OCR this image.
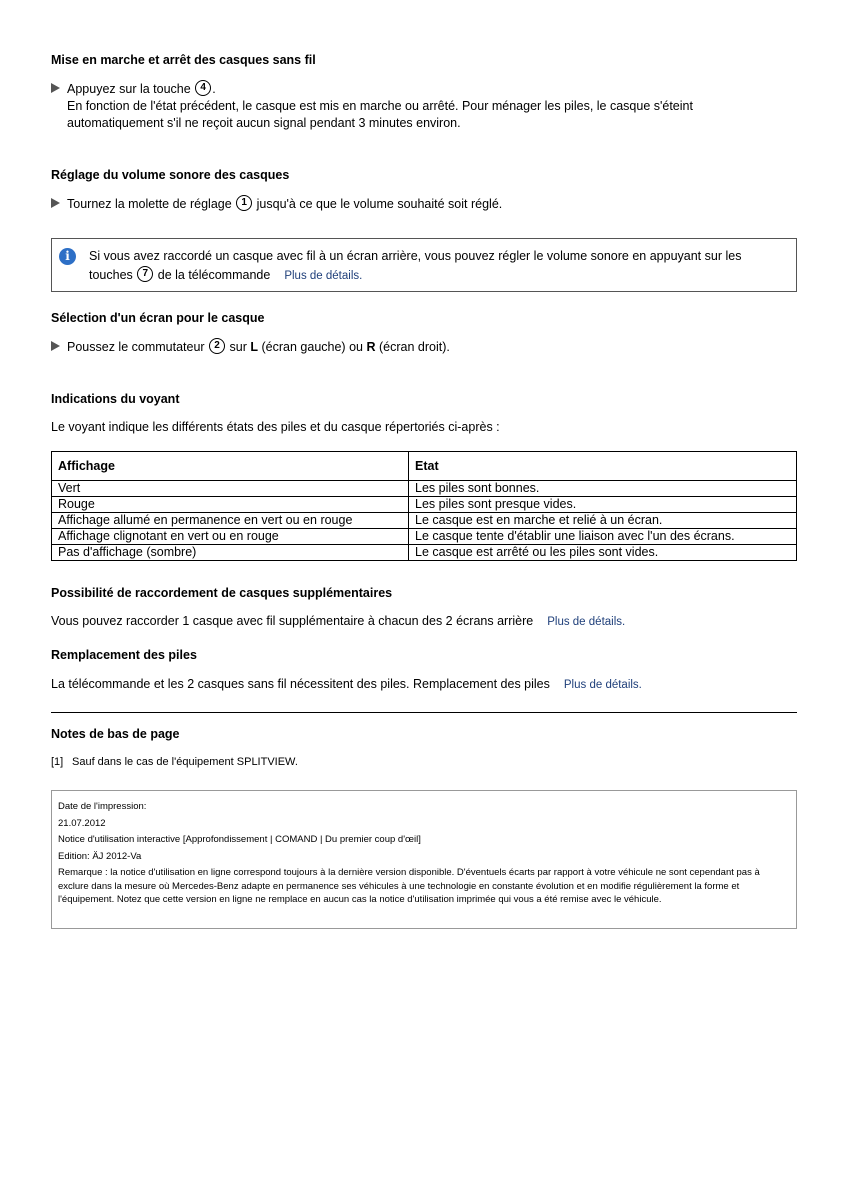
Mise en marche et arrêt des casques sans fil
Appuyez sur la touche 4 .
En fonction de l'état précédent, le casque est mis en marche ou arrêté. Pour ménager les piles, le casque s'éteint
automatiquement s'il ne reçoit aucun signal pendant 3 minutes environ.
Réglage du volume sonore des casques
Tournez la molette de réglage 1 jusqu'à ce que le volume souhaité soit réglé.
i	Si vous avez raccordé un casque avec fil à un écran arrière, vous pouvez régler le volume sonore en appuyant sur les
touches 7 de la télécommande Plus de détails.
Sélection d'un écran pour le casque
Poussez le commutateur 2 sur L (écran gauche) ou R (écran droit).
Indications du voyant
Le voyant indique les différents états des piles et du casque répertoriés ci-après :
Affichage	Etat
Vert	Les piles sont bonnes.
Rouge	Les piles sont presque vides.
Affichage allumé en permanence en vert ou en rouge	Le casque est en marche et relié à un écran.
Affichage clignotant en vert ou en rouge	Le casque tente d'établir une liaison avec l'un des écrans.
Pas d'affichage (sombre)	Le casque est arrêté ou les piles sont vides.
Possibilité de raccordement de casques supplémentaires
Vous pouvez raccorder 1 casque avec fil supplémentaire à chacun des 2 écrans arrière Plus de détails.
Remplacement des piles
La télécommande et les 2 casques sans fil nécessitent des piles. Remplacement des piles Plus de détails.
Notes de bas de page
[1] Sauf dans le cas de l'équipement SPLITVIEW.
Date de l'impression:
21.07.2012
Notice d'utilisation interactive [Approfondissement | COMAND | Du premier coup d'œil]
Edition: ÄJ 2012-Va
Remarque : la notice d'utilisation en ligne correspond toujours à la dernière version disponible. D'éventuels écarts par rapport à votre véhicule ne sont cependant pas à exclure dans la mesure où Mercedes-Benz adapte en permanence ses véhicules à une technologie en constante évolution et en modifie régulièrement la forme et l'équipement. Notez que cette version en ligne ne remplace en aucun cas la notice d'utilisation imprimée qui vous a été remise avec le véhicule.
